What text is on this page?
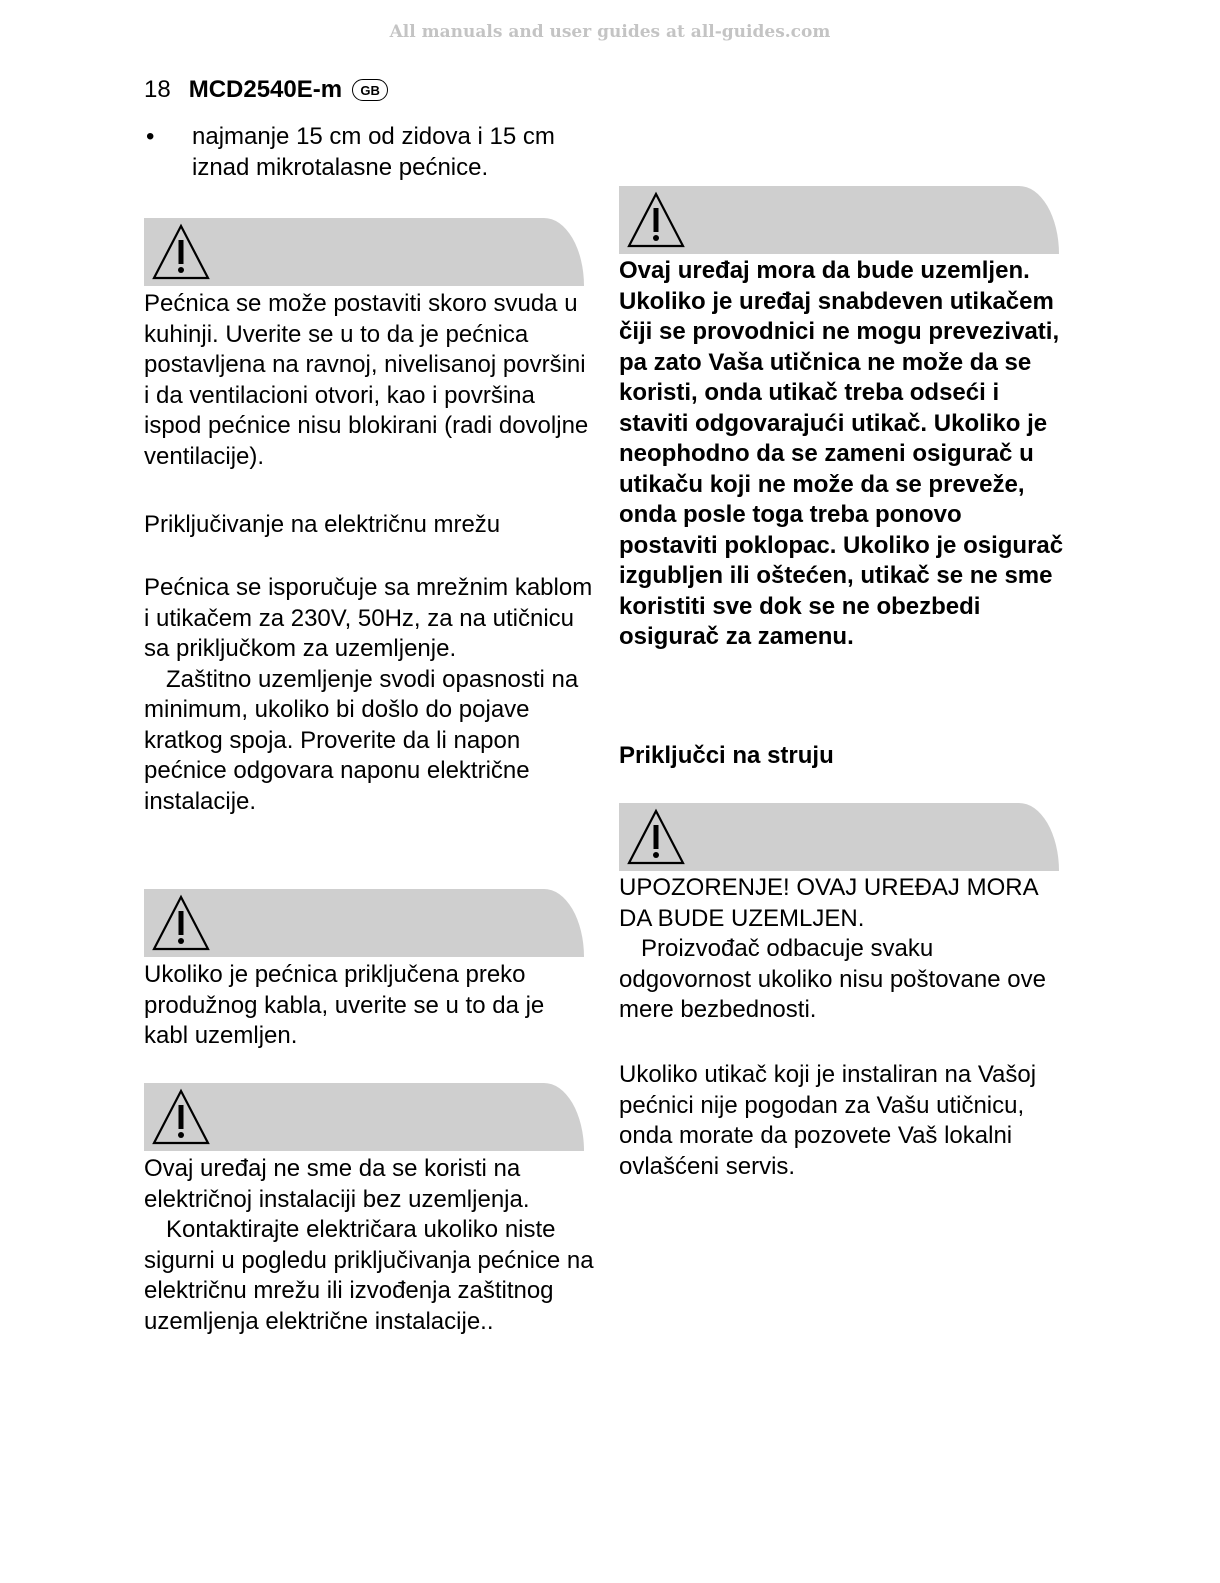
All manuals and user guides at all-guides.com
18 MCD2540E-m	GB
•	najmanje 15 cm od zidova i 15 cm iznad mikrotalasne pećnice.

Pećnica se može postaviti skoro svuda u kuhinji. Uverite se u to da je pećnica postavljena na ravnoj, nivelisanoj površini i da ventilacioni otvori, kao i površina ispod pećnice nisu blokirani (radi dovoljne ventilacije).

Priključivanje na električnu mrežu

Pećnica se isporučuje sa mrežnim kablom i utikačem za 230V, 50Hz, za na utičnicu sa priključkom za uzemljenje.

Zaštitno uzemljenje svodi opasnosti na minimum, ukoliko bi došlo do pojave kratkog spoja. Proverite da li napon pećnice odgovara naponu električne instalacije.

Ukoliko je pećnica priključena preko produžnog kabla, uverite se u to da je kabl uzemljen.

Ovaj uređaj ne sme da se koristi na električnoj instalaciji bez uzemljenja.

Kontaktirajte električara ukoliko niste sigurni u pogledu priključivanja pećnice na električnu mrežu ili izvođenja zaštitnog uzemljenja električne instalacije..

Ovaj uređaj mora da bude uzemljen. Ukoliko je uređaj snabdeven utikačem čiji se provodnici ne mogu prevezivati, pa zato Vaša utičnica ne može da se koristi, onda utikač treba odseći i staviti odgovarajući utikač. Ukoliko je neophodno da se zameni osigurač u utikaču koji ne može da se preveže, onda posle toga treba ponovo postaviti poklopac. Ukoliko je osigurač izgubljen ili oštećen, utikač se ne sme koristiti sve dok se ne obezbedi osigurač za zamenu.

Priključci na struju

UPOZORENJE! OVAJ UREĐAJ MORA DA BUDE UZEMLJEN.

Proizvođač odbacuje svaku odgovornost ukoliko nisu poštovane ove mere bezbednosti.

Ukoliko utikač koji je instaliran na Vašoj pećnici nije pogodan za Vašu utičnicu, onda morate da pozovete Vaš lokalni ovlašćeni servis.
